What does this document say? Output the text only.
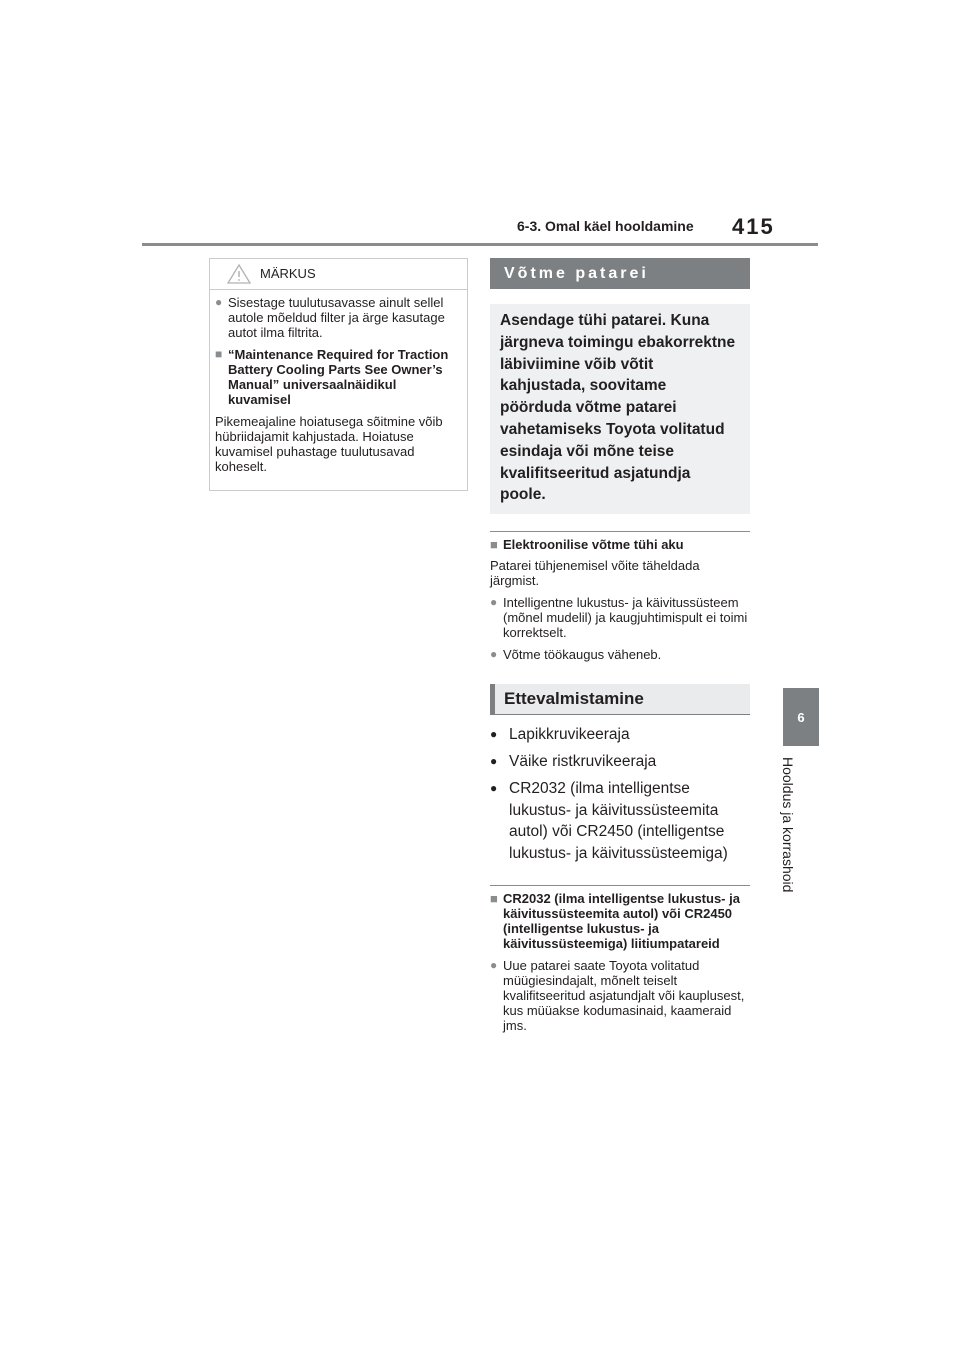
6-3. Omal käel hooldamine 415
6
Hooldus ja korrashoid
MÄRKUS
● Sisestage tuulutusavasse ainult sellel autole mõeldud filter ja ärge kasutage autot ilma filtrita.
■ “Maintenance Required for Traction Battery Cooling Parts See Owner’s Manual” universaalnäidikul kuvamisel
Pikemeajaline hoiatusega sõitmine võib hübriidajamit kahjustada. Hoiatuse kuvamisel puhastage tuulutusavad koheselt.
Võtme patarei
Asendage tühi patarei. Kuna järgneva toimingu ebakorrektne läbiviimine võib võtit kahjustada, soovitame pöörduda võtme patarei vahetamiseks Toyota volitatud esindaja või mõne teise kvalifitseeritud asjatundja poole.
■ Elektroonilise võtme tühi aku
Patarei tühjenemisel võite täheldada järgmist.
● Intelligentne lukustus- ja käivitussüsteem (mõnel mudelil) ja kaugjuhtimispult ei toimi korrektselt.
● Võtme töökaugus väheneb.
Ettevalmistamine
● Lapikkruvikeeraja
● Väike ristkruvikeeraja
● CR2032 (ilma intelligentse lukustus- ja käivitussüsteemita autol) või CR2450 (intelligentse lukustus- ja käivitussüsteemiga)
■ CR2032 (ilma intelligentse lukustus- ja käivitussüsteemita autol) või CR2450 (intelligentse lukustus- ja käivitussüsteemiga) liitiumpatareid
● Uue patarei saate Toyota volitatud müügiesindajalt, mõnelt teiselt kvalifitseeritud asjatundjalt või kauplusest, kus müüakse kodumasinaid, kaameraid jms.
